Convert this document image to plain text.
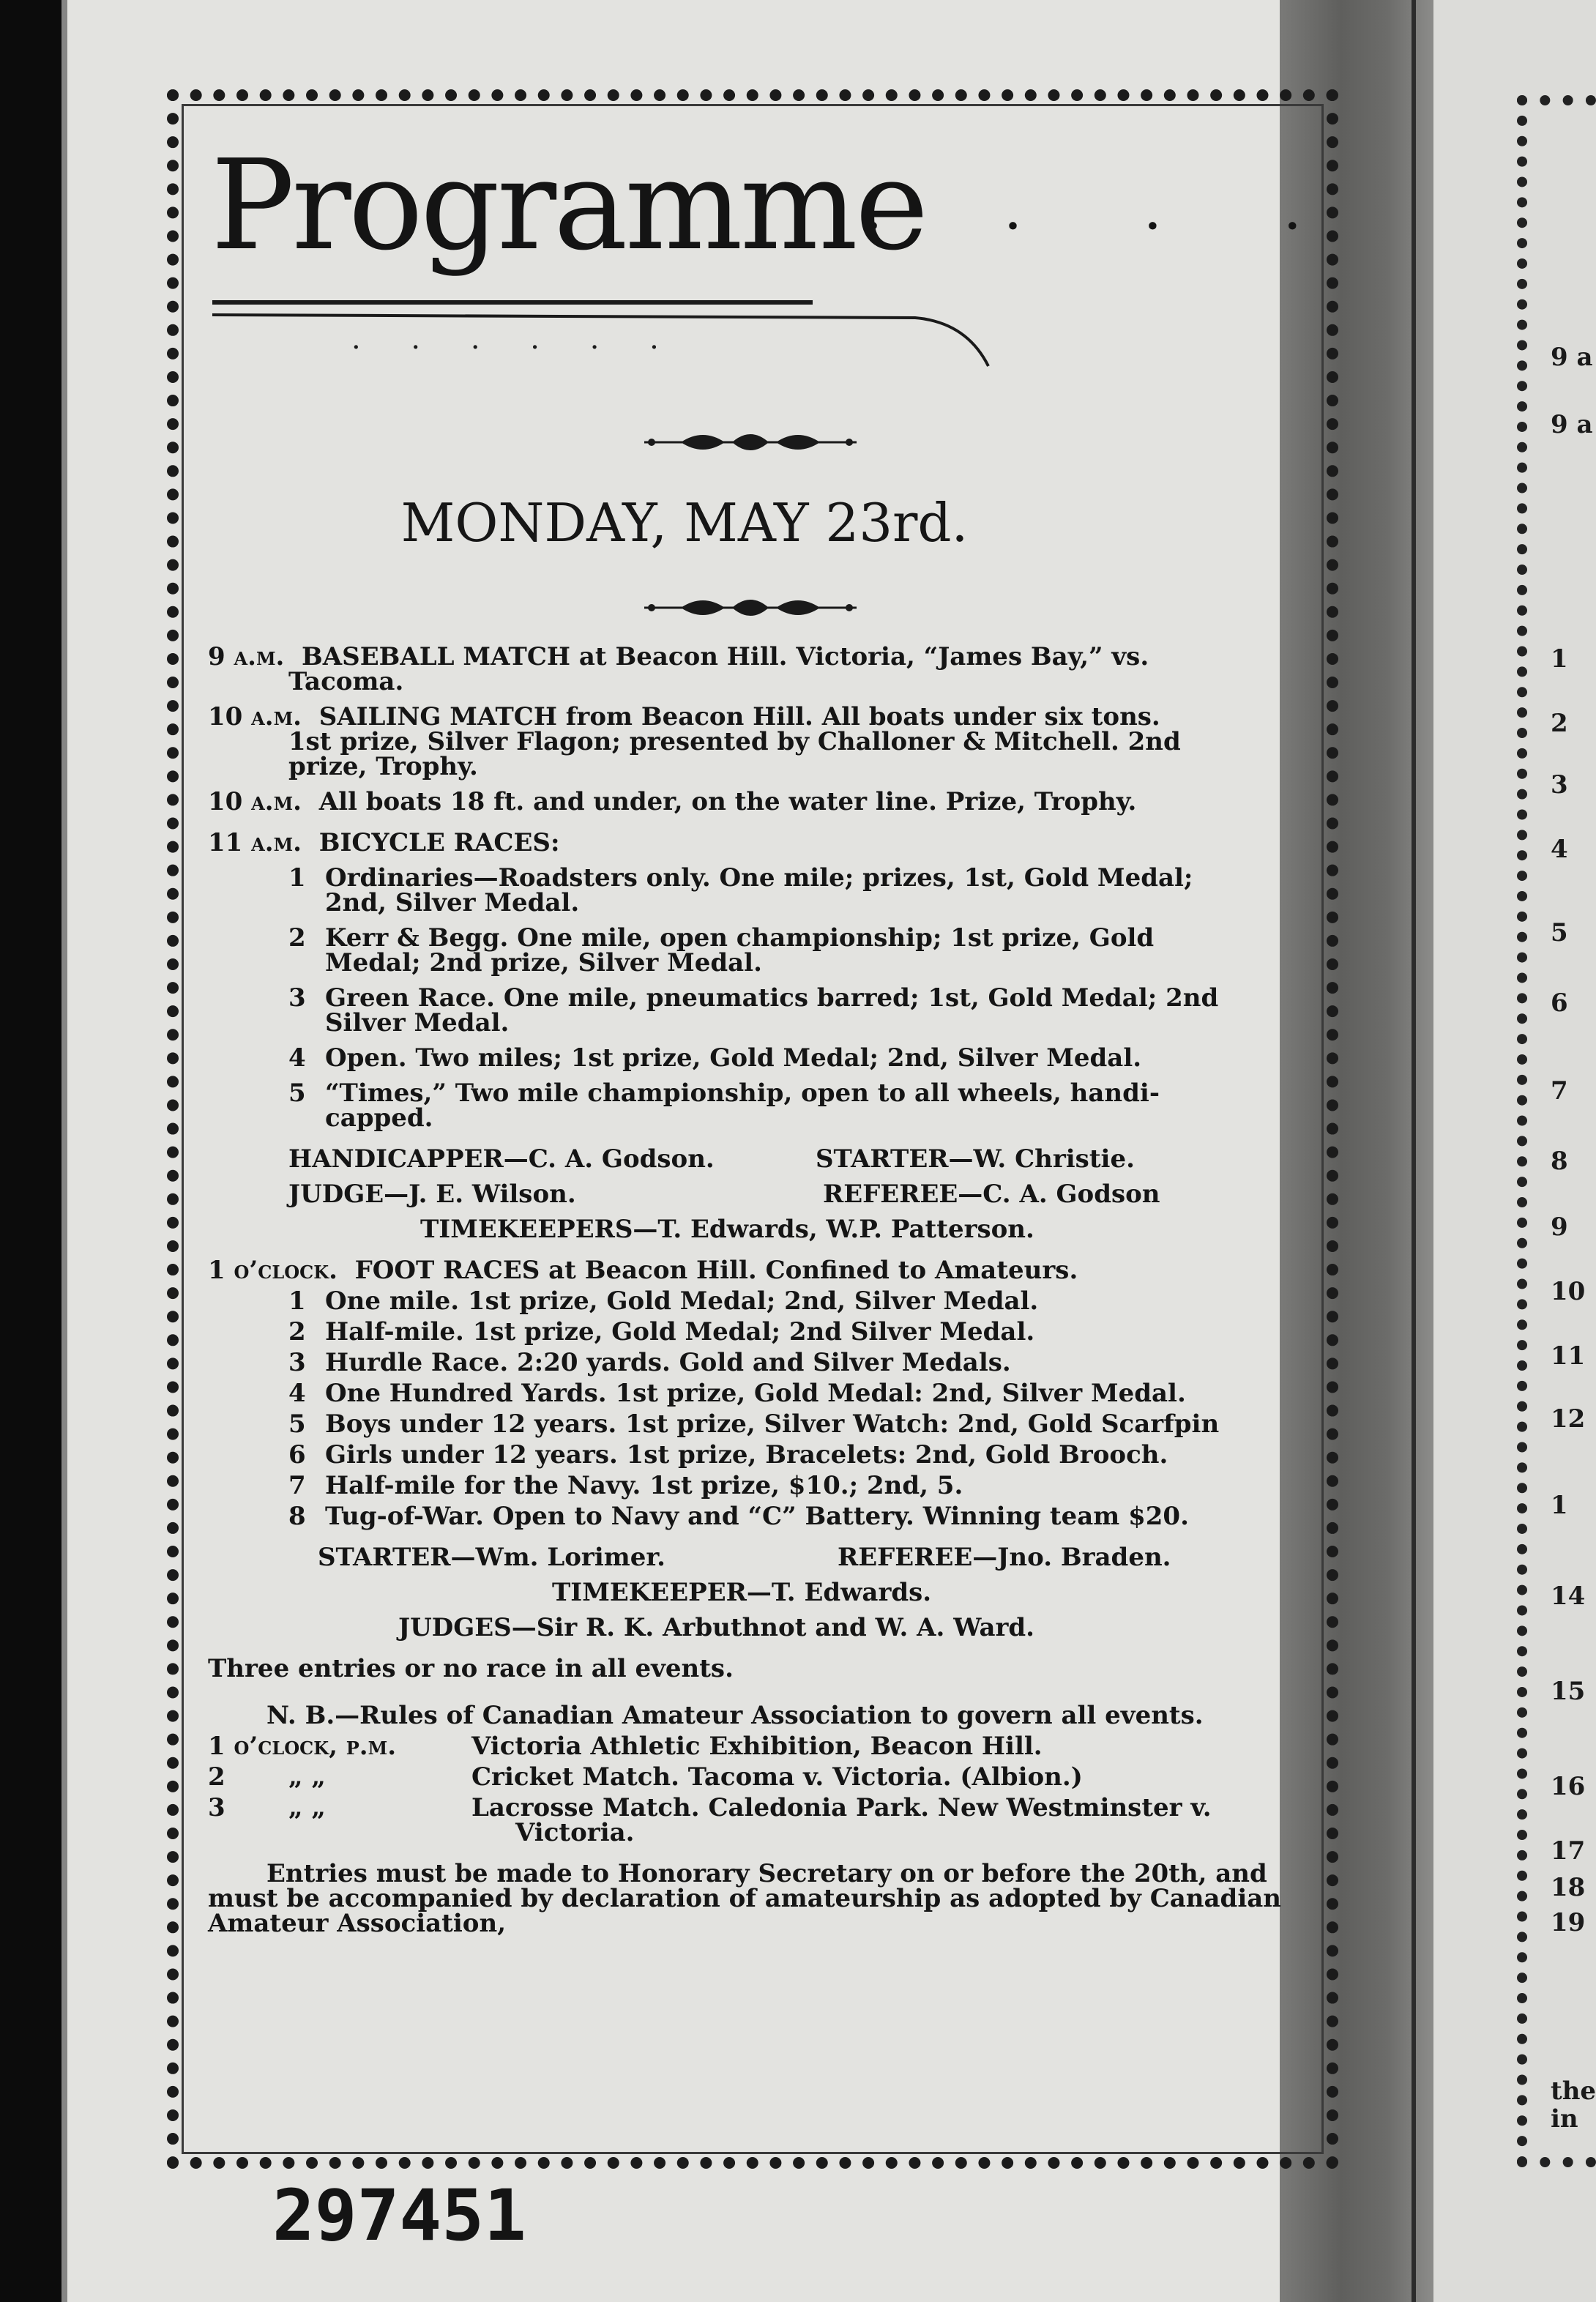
9 a
9 a
1
2
3
4
5
6
7
8
9
10
11
12
1
14
15
16
17
18
19
the
in
Programme
· · · ·
· · · · · ·
MONDAY, MAY 23rd.
9 a.m. BASEBALL MATCH at Beacon Hill. Victoria, “James Bay,” vs.
Tacoma.
10 a.m. SAILING MATCH from Beacon Hill. All boats under six tons.
1st prize, Silver Flagon; presented by Challoner & Mitchell. 2nd
prize, Trophy.
10 a.m. All boats 18 ft. and under, on the water line. Prize, Trophy.
11 a.m. BICYCLE RACES:
1 Ordinaries—Roadsters only. One mile; prizes, 1st, Gold Medal;
2nd, Silver Medal.
2 Kerr & Begg. One mile, open championship; 1st prize, Gold
Medal; 2nd prize, Silver Medal.
3 Green Race. One mile, pneumatics barred; 1st, Gold Medal; 2nd
Silver Medal.
4 Open. Two miles; 1st prize, Gold Medal; 2nd, Silver Medal.
5 “Times,” Two mile championship, open to all wheels, handi-
capped.
HANDICAPPER—C. A. Godson.	STARTER—W. Christie.
JUDGE—J. E. Wilson.	REFEREE—C. A. Godson
TIMEKEEPERS—T. Edwards, W.P. Patterson.
1 o’clock. FOOT RACES at Beacon Hill. Confined to Amateurs.
1 One mile. 1st prize, Gold Medal; 2nd, Silver Medal.
2 Half-mile. 1st prize, Gold Medal; 2nd Silver Medal.
3 Hurdle Race. 2:20 yards. Gold and Silver Medals.
4 One Hundred Yards. 1st prize, Gold Medal: 2nd, Silver Medal.
5 Boys under 12 years. 1st prize, Silver Watch: 2nd, Gold Scarfpin
6 Girls under 12 years. 1st prize, Bracelets: 2nd, Gold Brooch.
7 Half-mile for the Navy. 1st prize, $10.; 2nd, 5.
8 Tug-of-War. Open to Navy and “C” Battery. Winning team $20.
STARTER—Wm. Lorimer.	REFEREE—Jno. Braden.
TIMEKEEPER—T. Edwards.
JUDGES—Sir R. K. Arbuthnot and W. A. Ward.
Three entries or no race in all events.
N. B.—Rules of Canadian Amateur Association to govern all events.
1 o’clock, p.m.	Victoria Athletic Exhibition, Beacon Hill.
2	„ „	Cricket Match. Tacoma v. Victoria. (Albion.)
3	„ „	Lacrosse Match. Caledonia Park. New Westminster v.
Victoria.
Entries must be made to Honorary Secretary on or before the 20th, and
must be accompanied by declaration of amateurship as adopted by Canadian
Amateur Association,
297451
